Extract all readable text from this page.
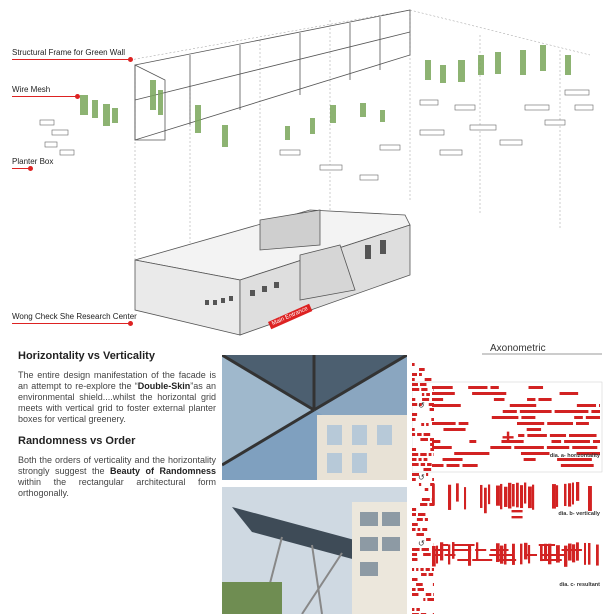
Structural Frame for Green Wall
Wire Mesh
Planter Box
Wong Check She Research Center	Main Entrance
Horizontality vs Verticality

The entire design manifestation of the facade is an attempt to re-explore the “Double-Skin”as an environmental shield....whilst the horizontal grid meets with vertical grid to foster external planter boxes for vertical greenery.

Randomness vs Order

Both the orders of verticality and the horizontality strongly suggest the Beauty of Randomness within the rectangular architectural form orthogonally.

Axonometric
+
dia. a- horizontality
=	dia. b- vertically
dia. c- resultant
↺
↺
↺
